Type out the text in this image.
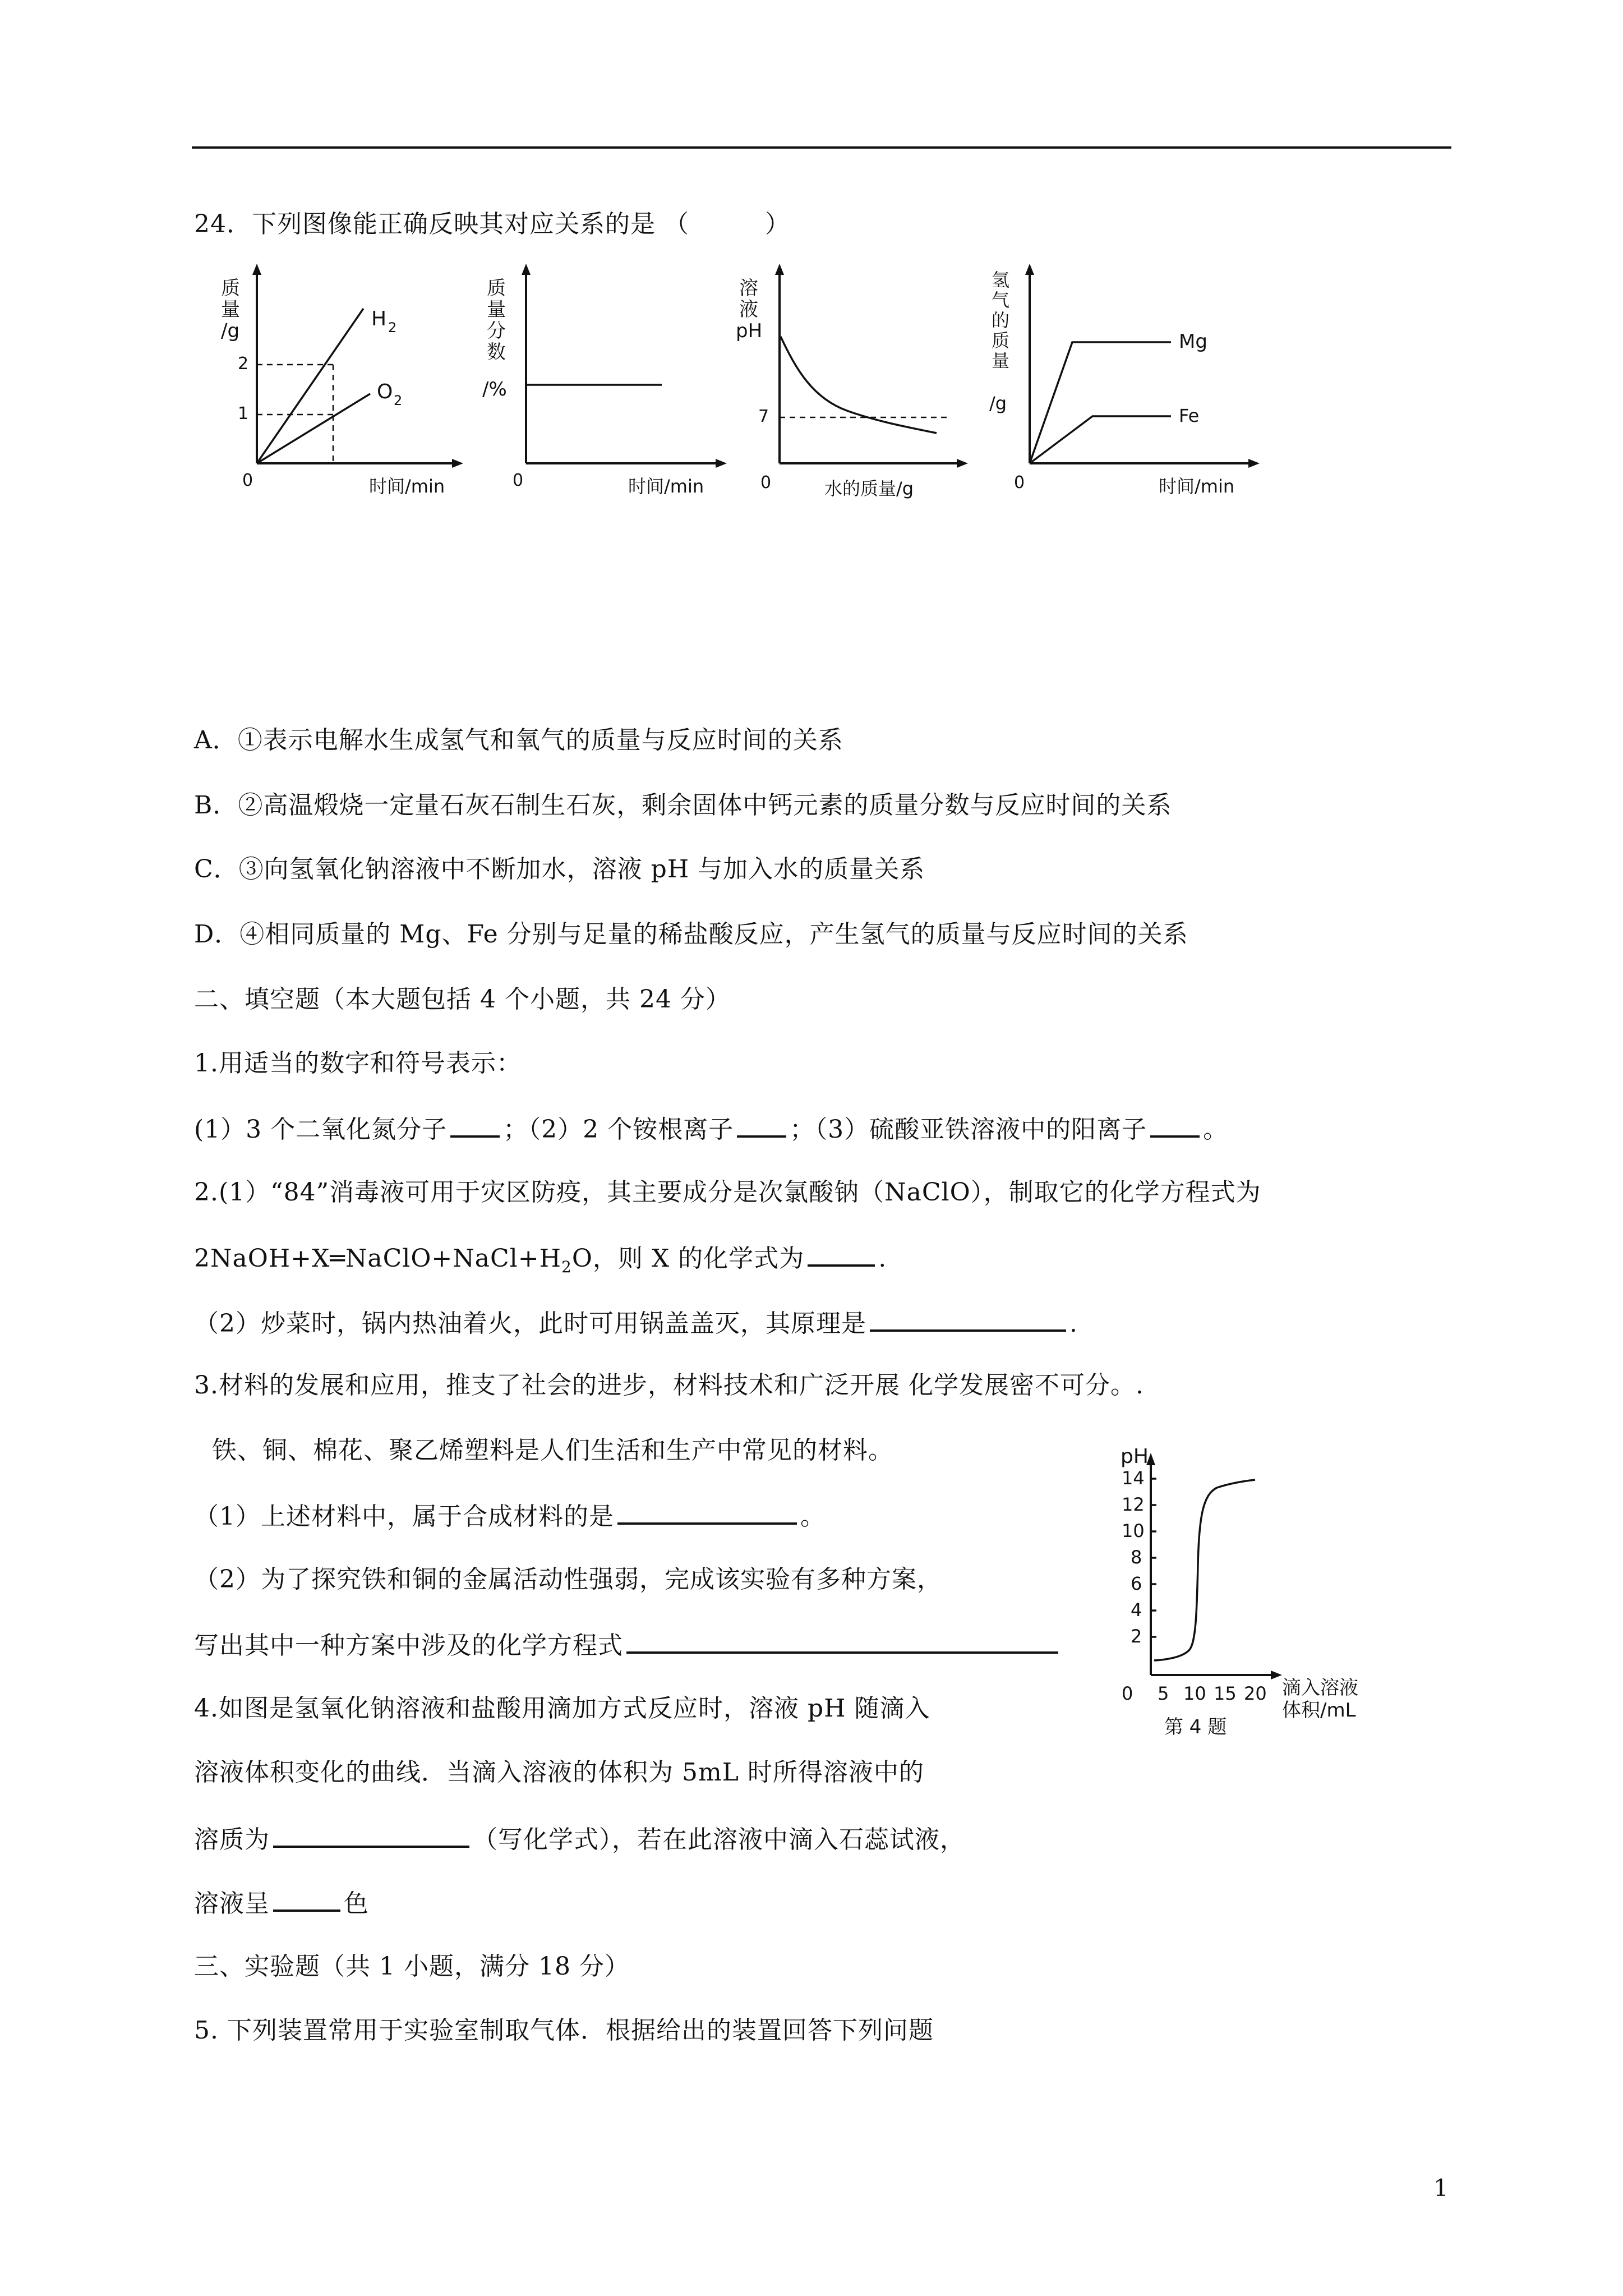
24．下列图像能正确反映其对应关系的是 （　　　）
质
量
/g
0
2
1
H 2
O 2
时间/min
质
量
分
数
/%
0	时间/min
溶
液
pH
0
7
水的质量/g
氢
气
的
质
量
/g
0
Mg
Fe
时间/min
A．①表示电解水生成氢气和氧气的质量与反应时间的关系
B．②高温煅烧一定量石灰石制生石灰，剩余固体中钙元素的质量分数与反应时间的关系
C．③向氢氧化钠溶液中不断加水，溶液 pH 与加入水的质量关系
D．④相同质量的 Mg、Fe 分别与足量的稀盐酸反应，产生氢气的质量与反应时间的关系
二、填空题（本大题包括 4 个小题，共 24 分）
1.用适当的数字和符号表示：
(1）3 个二氧化氮分子 ；（2）2 个铵根离子 ；（3）硫酸亚铁溶液中的阳离子 。
2.(1）“84”消毒液可用于灾区防疫，其主要成分是次氯酸钠（NaClO），制取它的化学方程式为
$2NaOH+X═NaClO+NaCl+H_2O$，则 X 的化学式为	.
（2）炒菜时，锅内热油着火，此时可用锅盖盖灭，其原理是	.
3.材料的发展和应用，推支了社会的进步，材料技术和广泛开展 化学发展密不可分。.
铁、铜、棉花、聚乙烯塑料是人们生活和生产中常见的材料。
（1）上述材料中，属于合成材料的是	。
（2）为了探究铁和铜的金属活动性强弱，完成该实验有多种方案，
写出其中一种方案中涉及的化学方程式
4.如图是氢氧化钠溶液和盐酸用滴加方式反应时，溶液 pH 随滴入
溶液体积变化的曲线．当滴入溶液的体积为 5mL 时所得溶液中的
溶质为	（写化学式），若在此溶液中滴入石蕊试液，
溶液呈	色
pH
14
12
10
8
6
4
2
0 5 10 15 20 滴入溶液
体积/mL
第 4 题
三、实验题（共 1 小题，满分 18 分）
5. 下列装置常用于实验室制取气体．根据给出的装置回答下列问题
1
